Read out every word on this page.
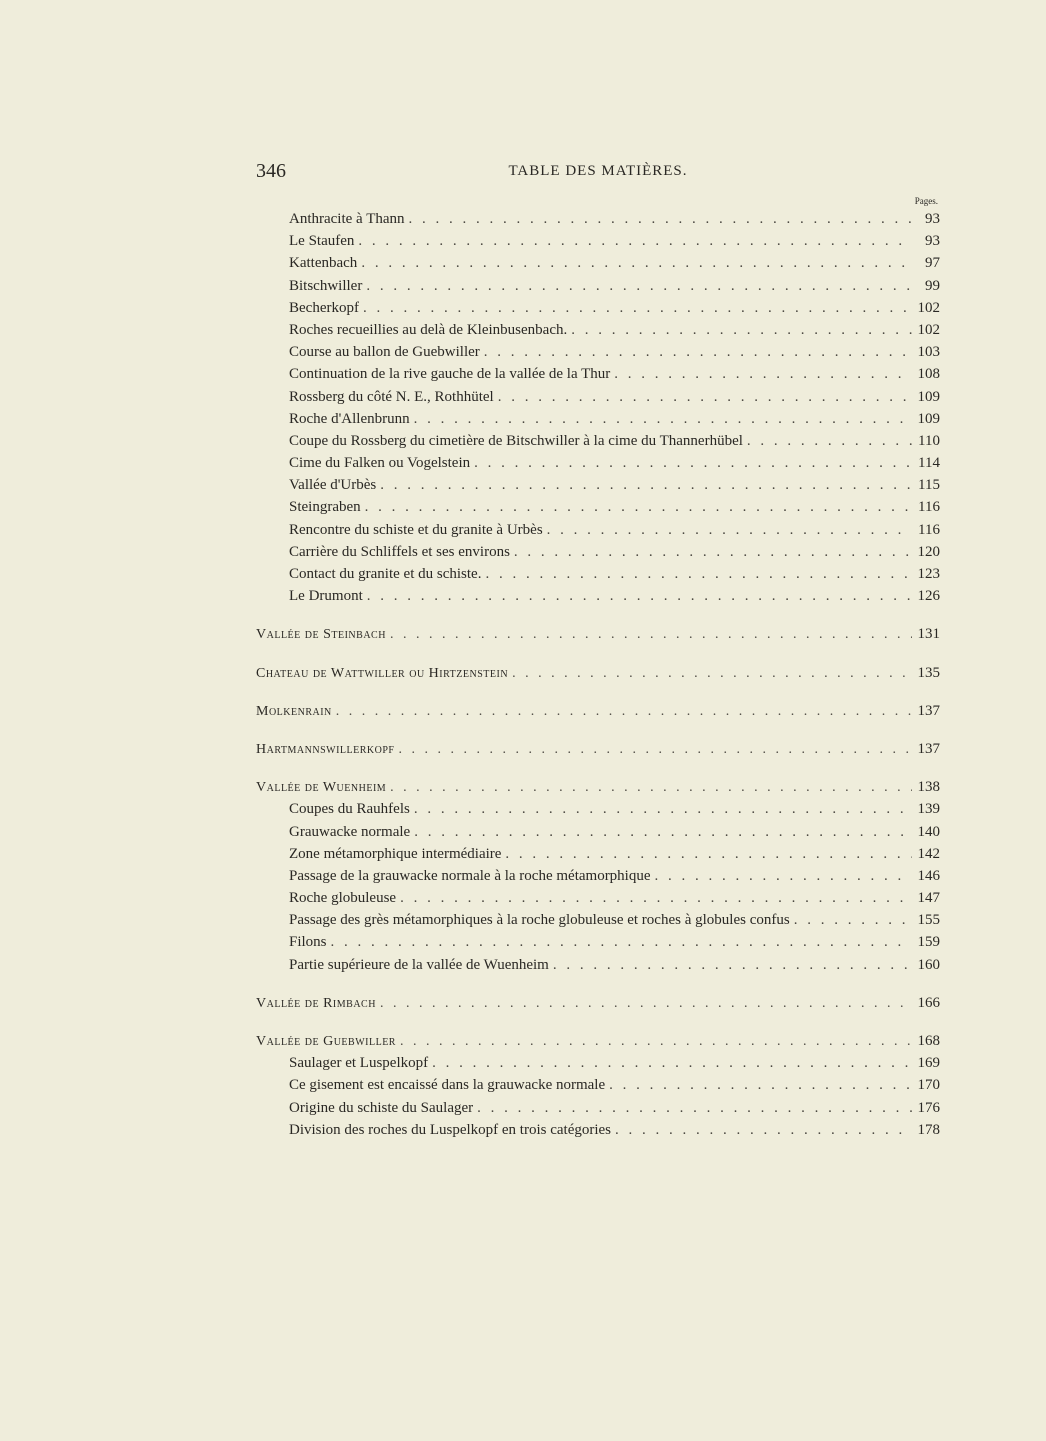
346	TABLE DES MATIÈRES.
Pages.
Anthracite à Thann . . .	93
Le Staufen . . .	93
Kattenbach . . .	97
Bitschwiller . . .	99
Becherkopf . . .	102
Roches recueillies au delà de Kleinbusenbach. . . .	102
Course au ballon de Guebwiller . . .	103
Continuation de la rive gauche de la vallée de la Thur . . .	108
Rossberg du côté N. E., Rothhütel . . .	109
Roche d'Allenbrunn . . .	109
Coupe du Rossberg du cimetière de Bitschwiller à la cime du Thannerhübel . . .	110
Cime du Falken ou Vogelstein . . .	114
Vallée d'Urbès . . .	115
Steingraben . . .	116
Rencontre du schiste et du granite à Urbès . . .	116
Carrière du Schliffels et ses environs . . .	120
Contact du granite et du schiste. . . .	123
Le Drumont . . .	126
Vallée de Steinbach . . .	131
Chateau de Wattwiller ou Hirtzenstein . . .	135
Molkenrain . . .	137
Hartmannswillerkopf . . .	137
Vallée de Wuenheim . . .	138
Coupes du Rauhfels . . .	139
Grauwacke normale . . .	140
Zone métamorphique intermédiaire . . .	142
Passage de la grauwacke normale à la roche métamorphique . . .	146
Roche globuleuse . . .	147
Passage des grès métamorphiques à la roche globuleuse et roches à globules confus . . .	155
Filons . . .	159
Partie supérieure de la vallée de Wuenheim . . .	160
Vallée de Rimbach . . .	166
Vallée de Guebwiller . . .	168
Saulager et Luspelkopf . . .	169
Ce gisement est encaissé dans la grauwacke normale . . .	170
Origine du schiste du Saulager . . .	176
Division des roches du Luspelkopf en trois catégories . . .	178
